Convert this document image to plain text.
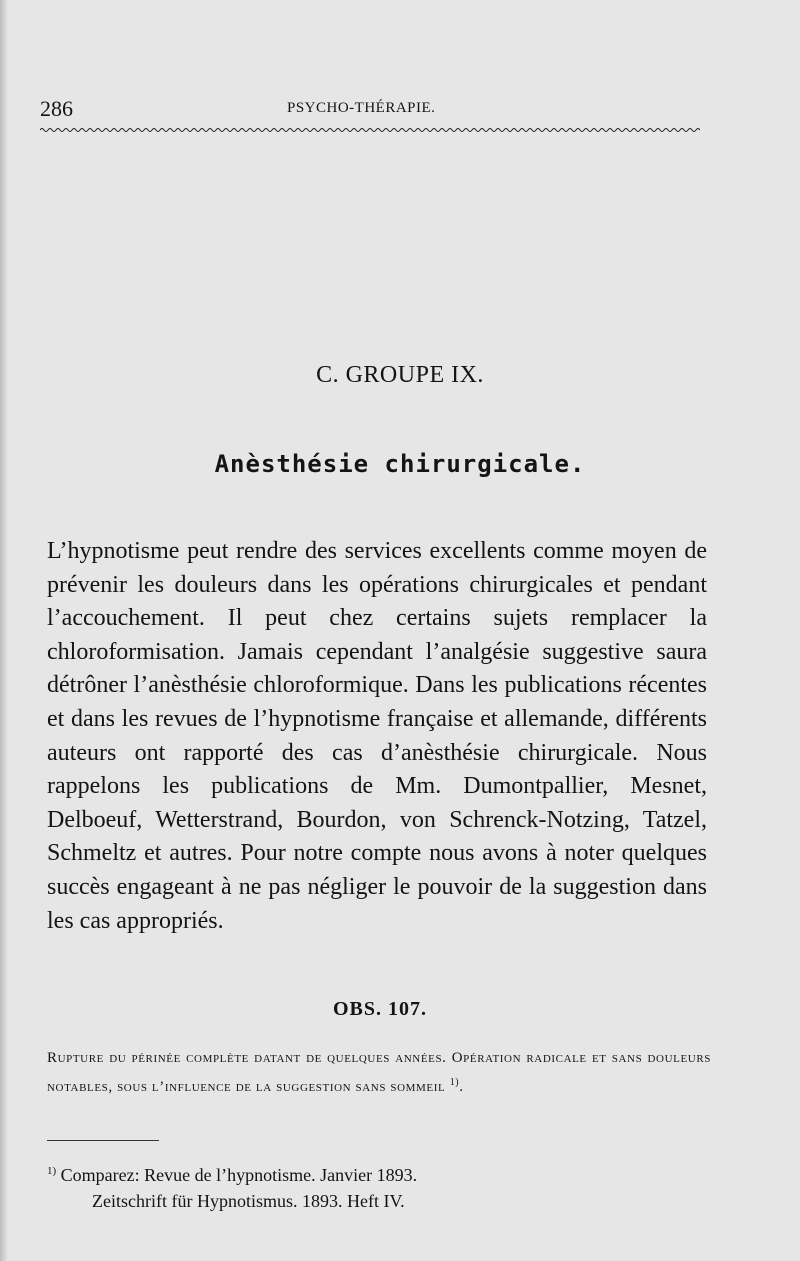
286	PSYCHO-THÉRAPIE.
C. GROUPE IX.
Anèsthésie chirurgicale.

L’hypnotisme peut rendre des services excellents comme moyen de prévenir les douleurs dans les opérations chirurgicales et pendant l’accouchement. Il peut chez certains sujets remplacer la chloroformisation. Jamais cependant l’analgésie suggestive saura détrôner l’anèsthésie chloroformique. Dans les publications récentes et dans les revues de l’hypnotisme française et allemande, différents auteurs ont rapporté des cas d’anèsthésie chirurgicale. Nous rappelons les publications de Mm. Dumontpallier, Mesnet, Delboeuf, Wetterstrand, Bourdon, von Schrenck-Notzing, Tatzel, Schmeltz et autres. Pour notre compte nous avons à noter quelques succès engageant à ne pas négliger le pouvoir de la suggestion dans les cas appropriés.

OBS. 107.

Rupture du périnée complète datant de quelques années. Opération radicale et sans douleurs notables, sous l’influence de la suggestion sans sommeil $^{1)}$.

$^{1)}$ Comparez: Revue de l’hypnotisme. Janvier 1893.
Zeitschrift für Hypnotismus. 1893. Heft IV.
